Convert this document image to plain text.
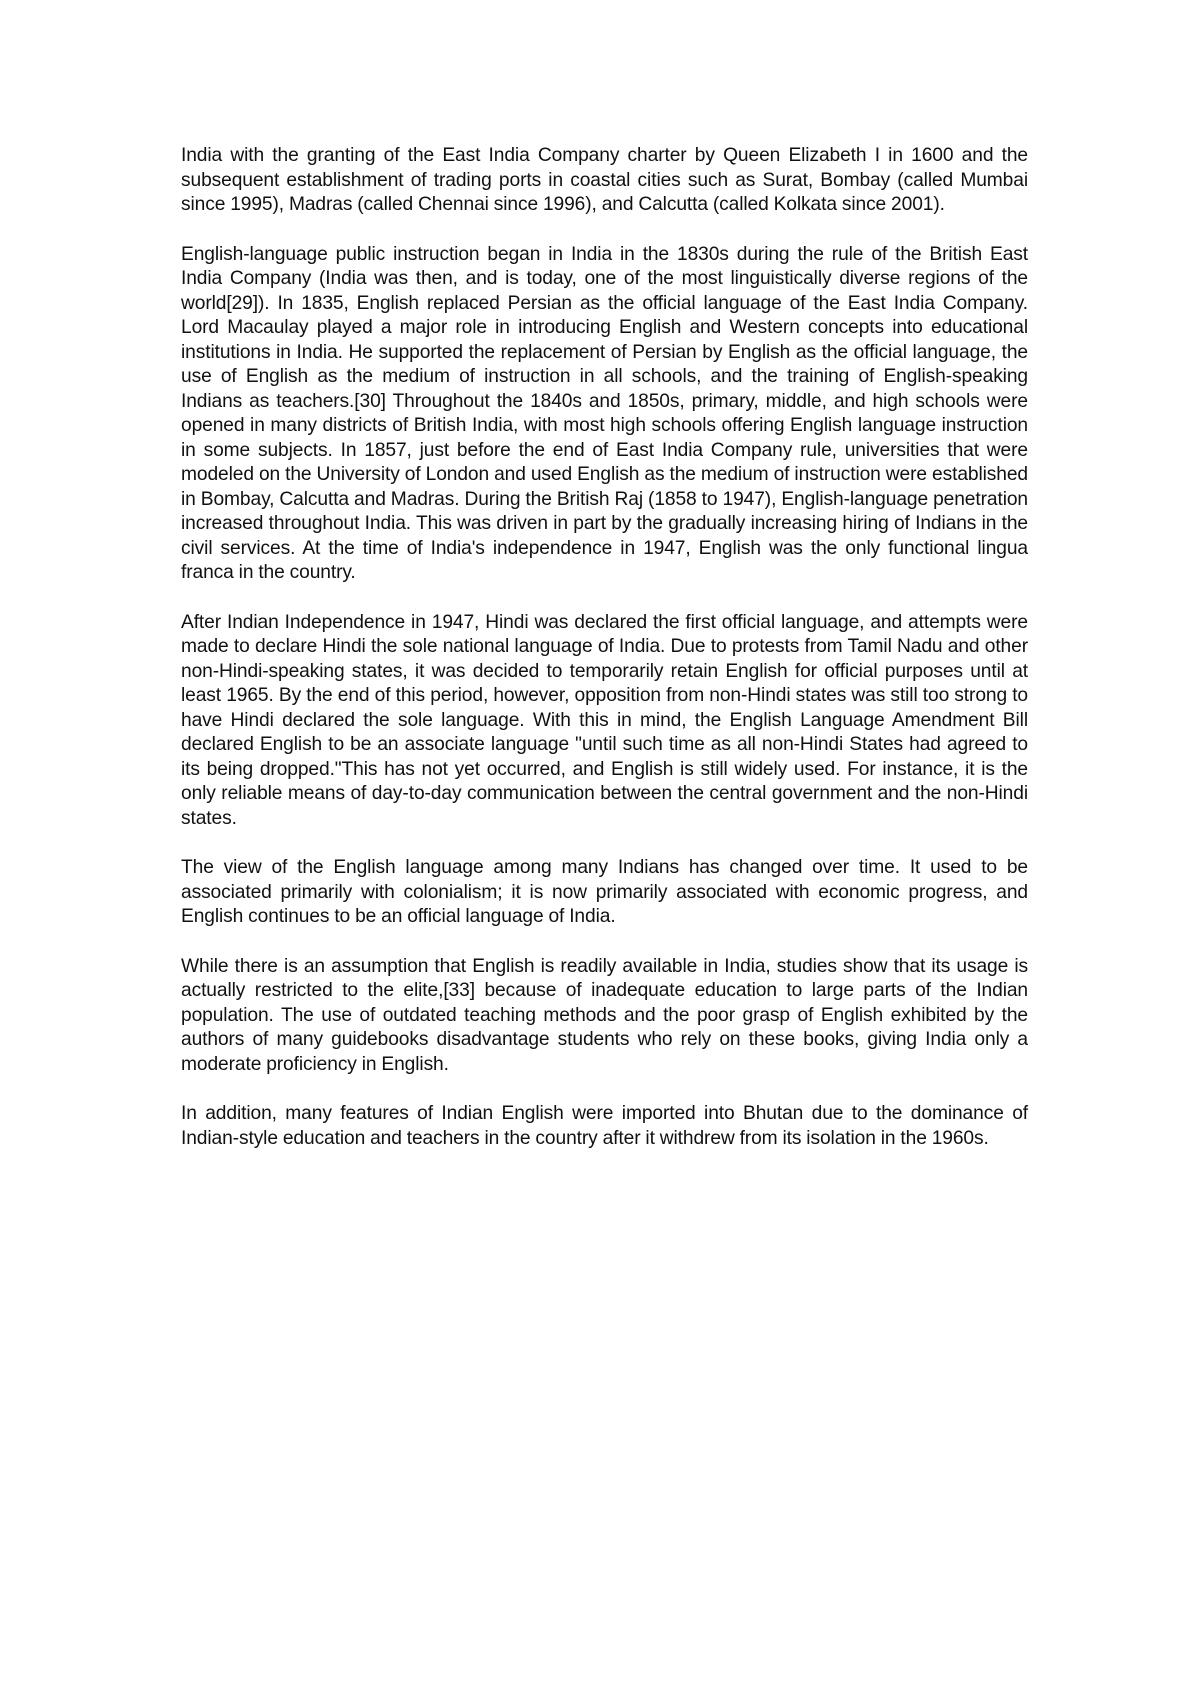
India with the granting of the East India Company charter by Queen Elizabeth I in 1600 and the subsequent establishment of trading ports in coastal cities such as Surat, Bombay (called Mumbai since 1995), Madras (called Chennai since 1996), and Calcutta (called Kolkata since 2001).

English-language public instruction began in India in the 1830s during the rule of the British East India Company (India was then, and is today, one of the most linguistically diverse regions of the world[29]). In 1835, English replaced Persian as the official language of the East India Company. Lord Macaulay played a major role in introducing English and Western concepts into educational institutions in India. He supported the replacement of Persian by English as the official language, the use of English as the medium of instruction in all schools, and the training of English-speaking Indians as teachers.[30] Throughout the 1840s and 1850s, primary, middle, and high schools were opened in many districts of British India, with most high schools offering English language instruction in some subjects. In 1857, just before the end of East India Company rule, universities that were modeled on the University of London and used English as the medium of instruction were established in Bombay, Calcutta and Madras. During the British Raj (1858 to 1947), English-language penetration increased throughout India. This was driven in part by the gradually increasing hiring of Indians in the civil services. At the time of India's independence in 1947, English was the only functional lingua franca in the country.

After Indian Independence in 1947, Hindi was declared the first official language, and attempts were made to declare Hindi the sole national language of India. Due to protests from Tamil Nadu and other non-Hindi-speaking states, it was decided to temporarily retain English for official purposes until at least 1965. By the end of this period, however, opposition from non-Hindi states was still too strong to have Hindi declared the sole language. With this in mind, the English Language Amendment Bill declared English to be an associate language "until such time as all non-Hindi States had agreed to its being dropped."This has not yet occurred, and English is still widely used. For instance, it is the only reliable means of day-to-day communication between the central government and the non-Hindi states.

The view of the English language among many Indians has changed over time. It used to be associated primarily with colonialism; it is now primarily associated with economic progress, and English continues to be an official language of India.

While there is an assumption that English is readily available in India, studies show that its usage is actually restricted to the elite,[33] because of inadequate education to large parts of the Indian population. The use of outdated teaching methods and the poor grasp of English exhibited by the authors of many guidebooks disadvantage students who rely on these books, giving India only a moderate proficiency in English.

In addition, many features of Indian English were imported into Bhutan due to the dominance of Indian-style education and teachers in the country after it withdrew from its isolation in the 1960s.
